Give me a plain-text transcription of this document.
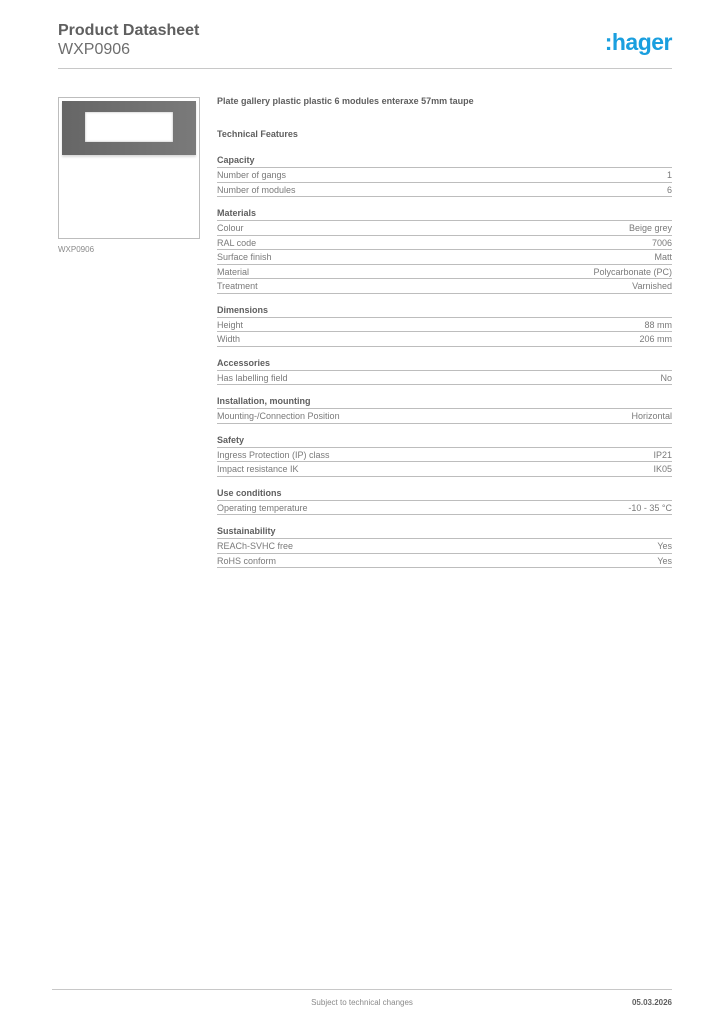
Product Datasheet
WXP0906	:hager
WXP0906
Plate gallery plastic plastic 6 modules enteraxe 57mm taupe
Technical Features
Capacity
Number of gangs	1
Number of modules	6
Materials
Colour	Beige grey
RAL code	7006
Surface finish	Matt
Material	Polycarbonate (PC)
Treatment	Varnished
Dimensions
Height	88 mm
Width	206 mm
Accessories
Has labelling field	No
Installation, mounting
Mounting-/Connection Position	Horizontal
Safety
Ingress Protection (IP) class	IP21
Impact resistance IK	IK05
Use conditions
Operating temperature	-10 - 35 °C
Sustainability
REACh-SVHC free	Yes
RoHS conform	Yes
Subject to technical changes	05.03.2026
